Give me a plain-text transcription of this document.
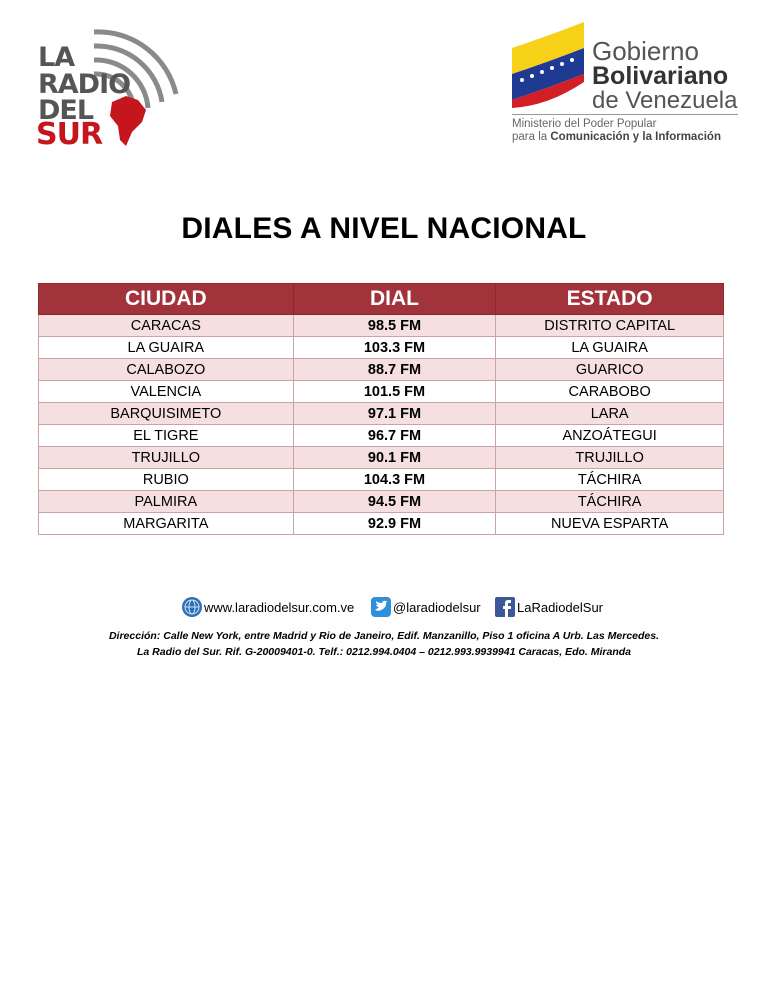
LA
RADIO
DEL
SUR
Gobierno
Bolivariano
de Venezuela
Ministerio del Poder Popular
para la Comunicación y la Información
DIALES A NIVEL NACIONAL
CIUDAD	DIAL	ESTADO
CARACAS	98.5 FM	DISTRITO CAPITAL
LA GUAIRA	103.3 FM	LA GUAIRA
CALABOZO	88.7 FM	GUARICO
VALENCIA	101.5 FM	CARABOBO
BARQUISIMETO	97.1 FM	LARA
EL TIGRE	96.7 FM	ANZOÁTEGUI
TRUJILLO	90.1 FM	TRUJILLO
RUBIO	104.3 FM	TÁCHIRA
PALMIRA	94.5 FM	TÁCHIRA
MARGARITA	92.9 FM	NUEVA ESPARTA
www.laradiodelsur.com.ve	@laradiodelsur	LaRadiodelSur
Dirección: Calle New York, entre Madrid y Rio de Janeiro, Edif. Manzanillo, Piso 1 oficina A Urb. Las Mercedes.
La Radio del Sur. Rif. G-20009401-0. Telf.: 0212.994.0404 – 0212.993.9939941 Caracas, Edo. Miranda
